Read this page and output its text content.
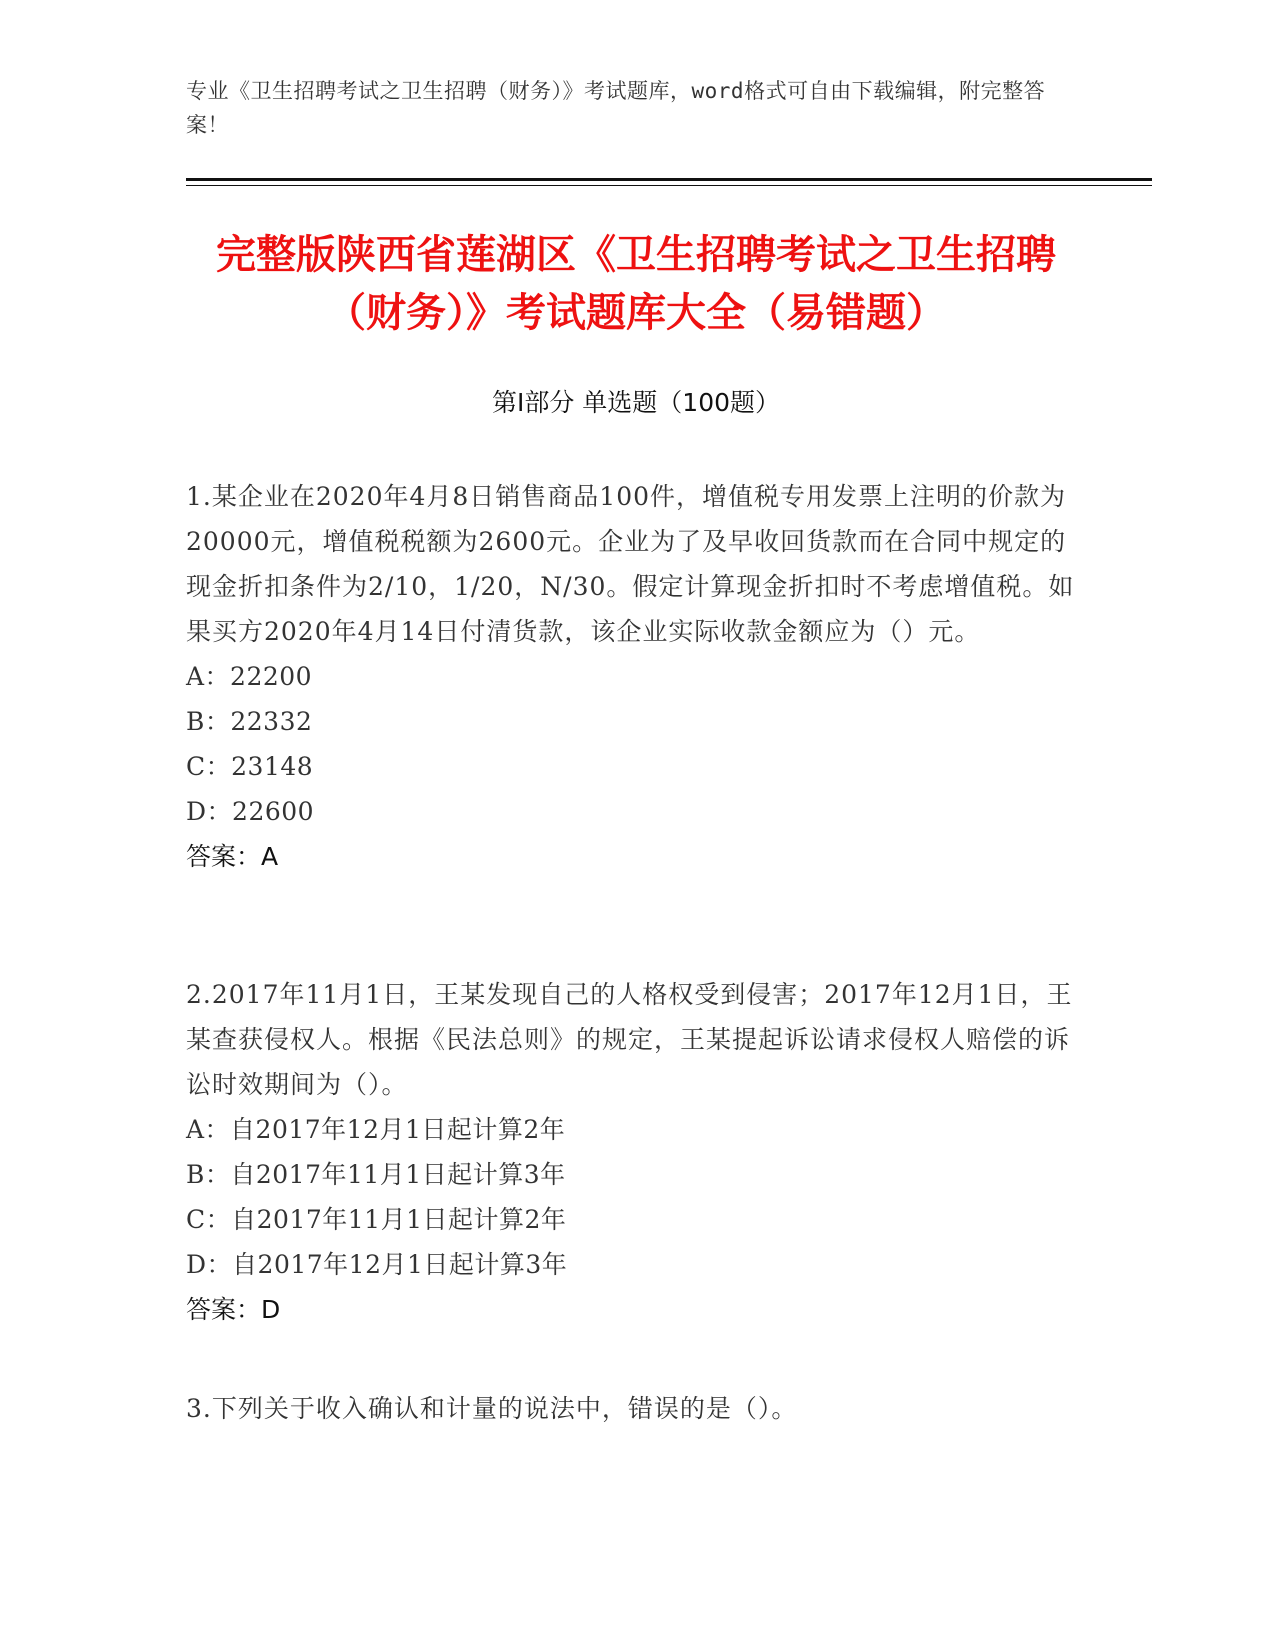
专业《卫生招聘考试之卫生招聘（财务）》考试题库，word格式可自由下载编辑，附完整答案！
完整版陕西省莲湖区《卫生招聘考试之卫生招聘（财务）》考试题库大全（易错题）
第I部分 单选题（100题）

1.某企业在2020年4月8日销售商品100件，增值税专用发票上注明的价款为20000元，增值税税额为2600元。企业为了及早收回货款而在合同中规定的现金折扣条件为2/10，1/20，N/30。假定计算现金折扣时不考虑增值税。如果买方2020年4月14日付清货款，该企业实际收款金额应为（）元。

A：22200

B：22332

C：23148

D：22600

答案：A

2.2017年11月1日，王某发现自己的人格权受到侵害；2017年12月1日，王某查获侵权人。根据《民法总则》的规定，王某提起诉讼请求侵权人赔偿的诉讼时效期间为（）。

A：自2017年12月1日起计算2年

B：自2017年11月1日起计算3年

C：自2017年11月1日起计算2年

D：自2017年12月1日起计算3年

答案：D

3.下列关于收入确认和计量的说法中，错误的是（）。
